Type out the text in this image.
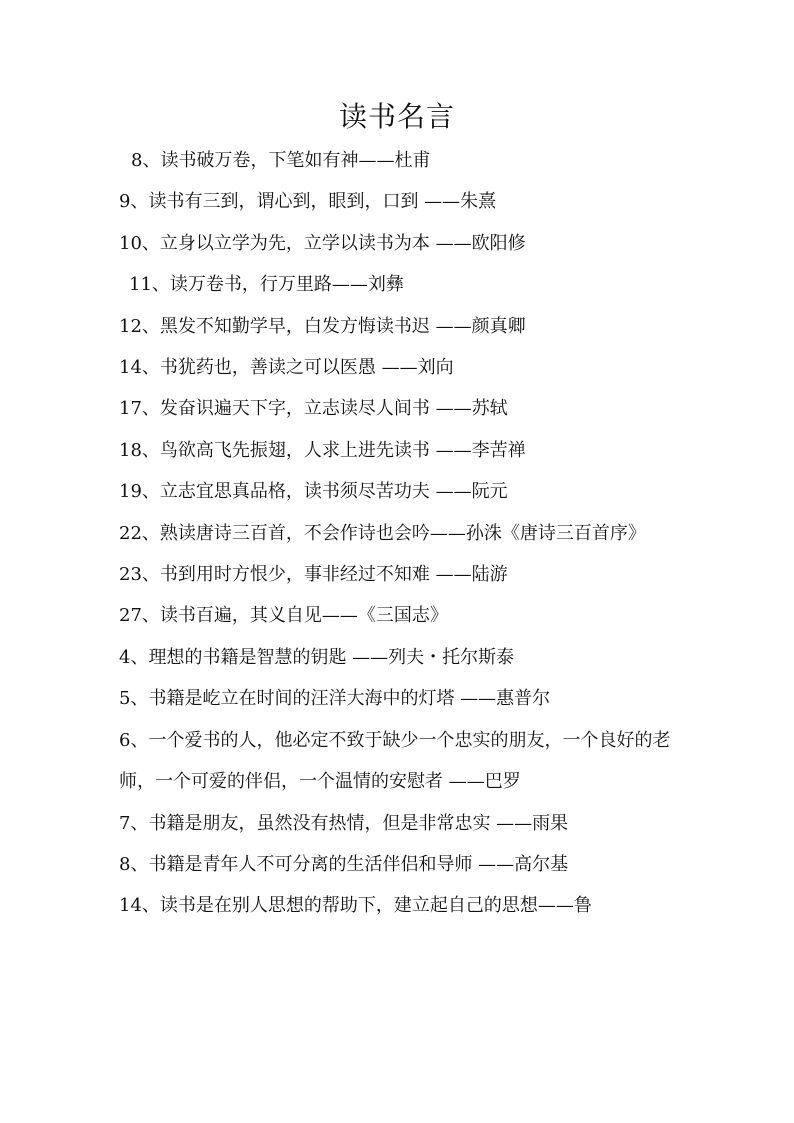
读书名言
8、读书破万卷，下笔如有神——杜甫
9、读书有三到，谓心到，眼到，口到 ——朱熹
10、立身以立学为先，立学以读书为本 ——欧阳修
11、读万卷书，行万里路——刘彝
12、黑发不知勤学早，白发方悔读书迟 ——颜真卿
14、书犹药也，善读之可以医愚 ——刘向
17、发奋识遍天下字，立志读尽人间书 ——苏轼
18、鸟欲高飞先振翅，人求上进先读书 ——李苦禅
19、立志宜思真品格，读书须尽苦功夫 ——阮元
22、熟读唐诗三百首，不会作诗也会吟——孙洙《唐诗三百首序》
23、书到用时方恨少，事非经过不知难 ——陆游
27、读书百遍，其义自见——《三国志》
4、理想的书籍是智慧的钥匙 ——列夫・托尔斯泰
5、书籍是屹立在时间的汪洋大海中的灯塔 ——惠普尔
6、一个爱书的人，他必定不致于缺少一个忠实的朋友，一个良好的老师，一个可爱的伴侣，一个温情的安慰者 ——巴罗
7、书籍是朋友，虽然没有热情，但是非常忠实 ——雨果
8、书籍是青年人不可分离的生活伴侣和导师 ——高尔基
14、读书是在别人思想的帮助下，建立起自己的思想——鲁
